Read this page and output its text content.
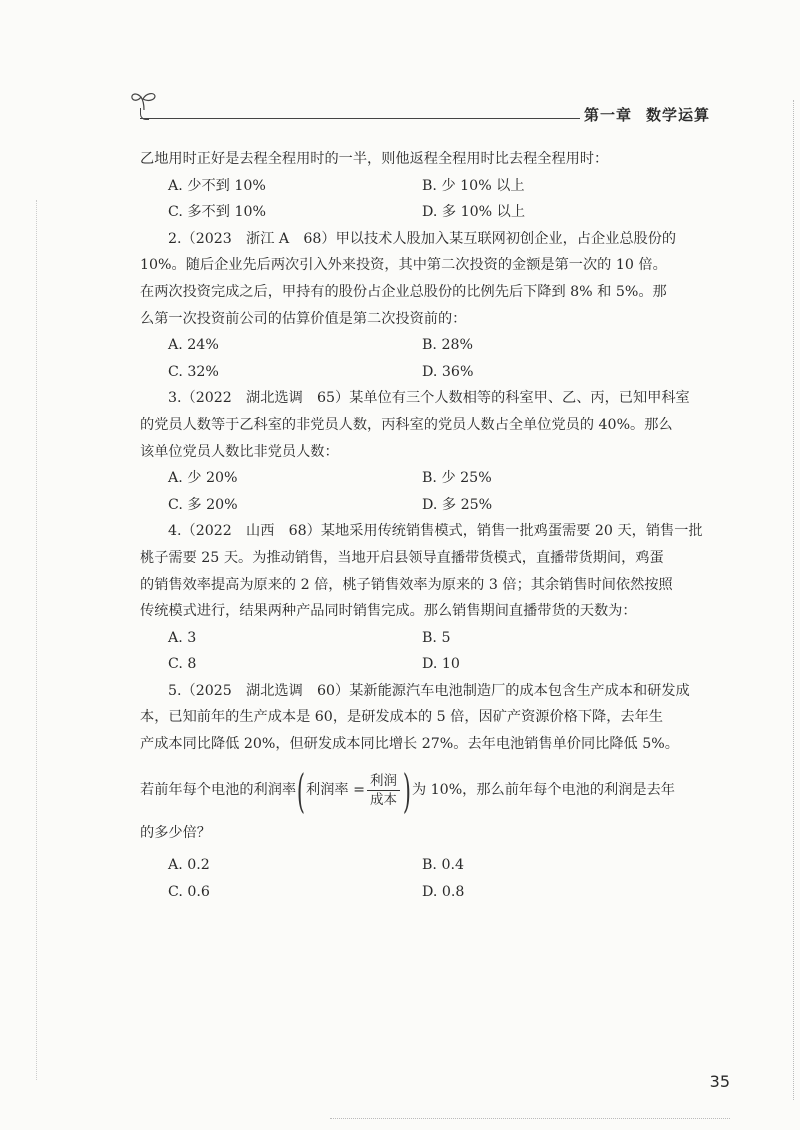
第一章 数学运算
乙地用时正好是去程全程用时的一半，则他返程全程用时比去程全程用时：
A. 少不到 10%	B. 少 10% 以上
C. 多不到 10%	D. 多 10% 以上
2.（2023　浙江 A　68）甲以技术人股加入某互联网初创企业，占企业总股份的
10%。随后企业先后两次引入外来投资，其中第二次投资的金额是第一次的 10 倍。
在两次投资完成之后，甲持有的股份占企业总股份的比例先后下降到 8% 和 5%。那
么第一次投资前公司的估算价值是第二次投资前的：
A. 24%	B. 28%
C. 32%	D. 36%
3.（2022　湖北选调　65）某单位有三个人数相等的科室甲、乙、丙，已知甲科室
的党员人数等于乙科室的非党员人数，丙科室的党员人数占全单位党员的 40%。那么
该单位党员人数比非党员人数：
A. 少 20%	B. 少 25%
C. 多 20%	D. 多 25%
4.（2022　山西　68）某地采用传统销售模式，销售一批鸡蛋需要 20 天，销售一批
桃子需要 25 天。为推动销售，当地开启县领导直播带货模式，直播带货期间，鸡蛋
的销售效率提高为原来的 2 倍，桃子销售效率为原来的 3 倍；其余销售时间依然按照
传统模式进行，结果两种产品同时销售完成。那么销售期间直播带货的天数为：
A. 3	B. 5
C. 8	D. 10
5.（2025　湖北选调　60）某新能源汽车电池制造厂的成本包含生产成本和研发成
本，已知前年的生产成本是 60，是研发成本的 5 倍，因矿产资源价格下降，去年生
产成本同比降低 20%，但研发成本同比增长 27%。去年电池销售单价同比降低 5%。
若前年每个电池的利润率 ( 利润率 = $\frac{\text{利润}}{\text{成本}}$ ) 为 10%，那么前年每个电池的利润是去年
的多少倍？
A. 0.2	B. 0.4
C. 0.6	D. 0.8
35
